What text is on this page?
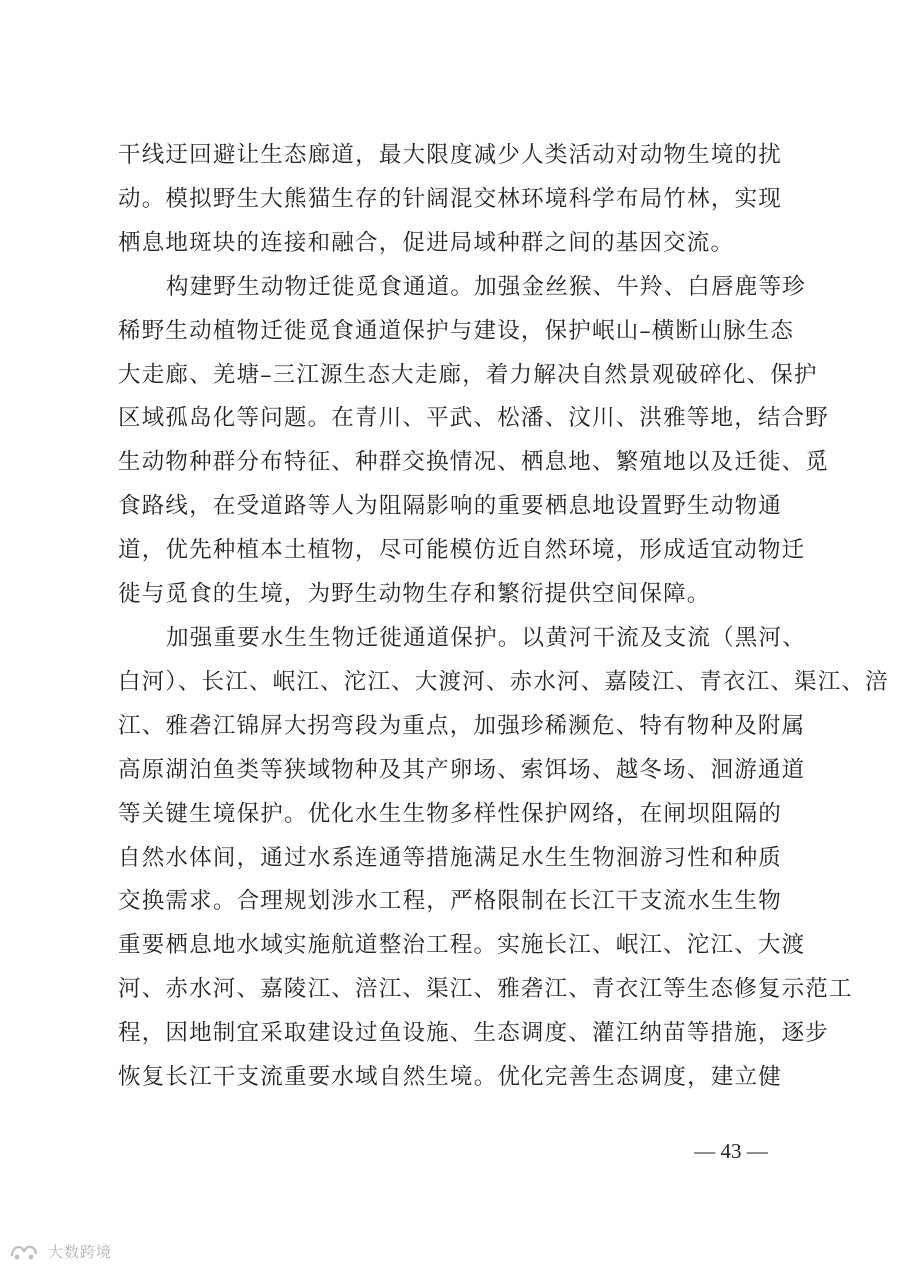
干线迂回避让生态廊道，最大限度减少人类活动对动物生境的扰
动。模拟野生大熊猫生存的针阔混交林环境科学布局竹林，实现
栖息地斑块的连接和融合，促进局域种群之间的基因交流。

构建野生动物迁徙觅食通道。加强金丝猴、牛羚、白唇鹿等珍
稀野生动植物迁徙觅食通道保护与建设，保护岷山–横断山脉生态
大走廊、羌塘–三江源生态大走廊，着力解决自然景观破碎化、保护
区域孤岛化等问题。在青川、平武、松潘、汶川、洪雅等地，结合野
生动物种群分布特征、种群交换情况、栖息地、繁殖地以及迁徙、觅
食路线，在受道路等人为阻隔影响的重要栖息地设置野生动物通
道，优先种植本土植物，尽可能模仿近自然环境，形成适宜动物迁
徙与觅食的生境，为野生动物生存和繁衍提供空间保障。

加强重要水生生物迁徙通道保护。以黄河干流及支流（黑河、
白河）、长江、岷江、沱江、大渡河、赤水河、嘉陵江、青衣江、渠江、涪
江、雅砻江锦屏大拐弯段为重点，加强珍稀濒危、特有物种及附属
高原湖泊鱼类等狭域物种及其产卵场、索饵场、越冬场、洄游通道
等关键生境保护。优化水生生物多样性保护网络，在闸坝阻隔的
自然水体间，通过水系连通等措施满足水生生物洄游习性和种质
交换需求。合理规划涉水工程，严格限制在长江干支流水生生物
重要栖息地水域实施航道整治工程。实施长江、岷江、沱江、大渡
河、赤水河、嘉陵江、涪江、渠江、雅砻江、青衣江等生态修复示范工
程，因地制宜采取建设过鱼设施、生态调度、灌江纳苗等措施，逐步
恢复长江干支流重要水域自然生境。优化完善生态调度，建立健

— 43 —
大数跨境
